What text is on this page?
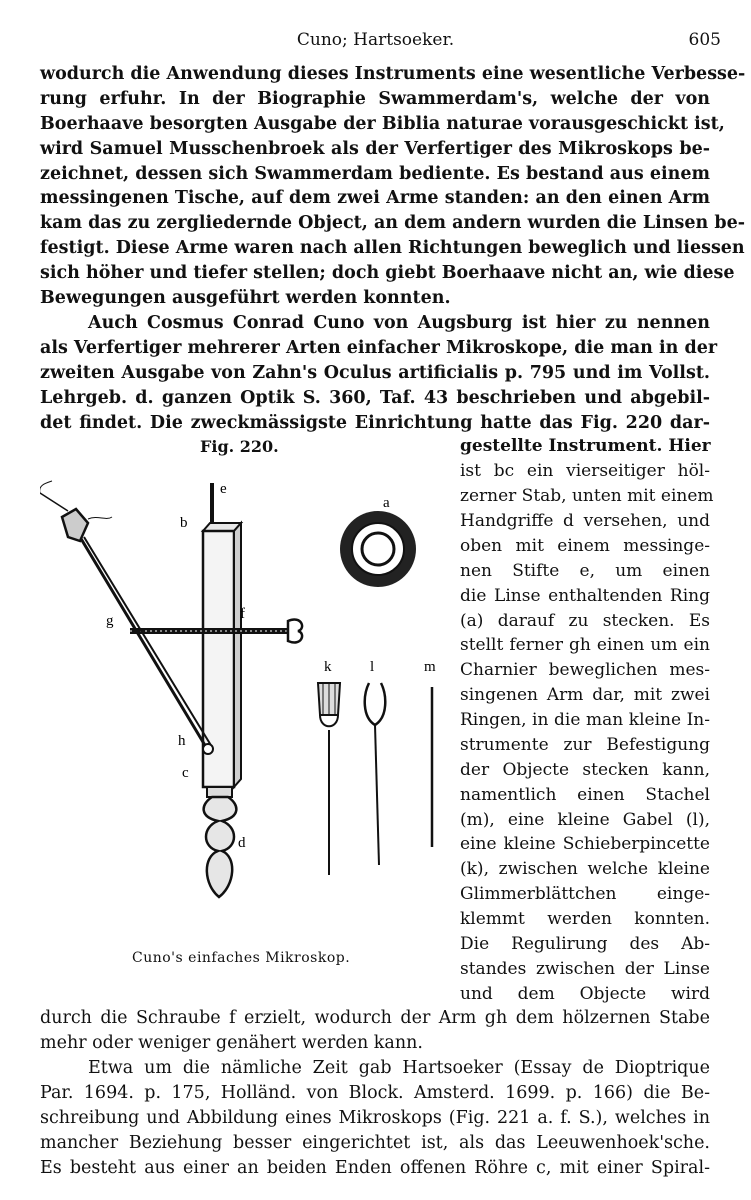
Cuno; Hartsoeker.	605
wodurch die Anwendung dieses Instruments eine wesentliche Verbesse-
rung erfuhr. In der Biographie Swammerdam's, welche der von
Boerhaave besorgten Ausgabe der Biblia naturae vorausgeschickt ist,
wird Samuel Musschenbroek als der Verfertiger des Mikroskops be-
zeichnet, dessen sich Swammerdam bediente. Es bestand aus einem
messingenen Tische, auf dem zwei Arme standen: an den einen Arm
kam das zu zergliedernde Object, an dem andern wurden die Linsen be-
festigt. Diese Arme waren nach allen Richtungen beweglich und liessen
sich höher und tiefer stellen; doch giebt Boerhaave nicht an, wie diese
Bewegungen ausgeführt werden konnten.
Auch Cosmus Conrad Cuno von Augsburg ist hier zu nennen
als Verfertiger mehrerer Arten einfacher Mikroskope, die man in der
zweiten Ausgabe von Zahn's Oculus artificialis p. 795 und im Vollst.
Lehrgeb. d. ganzen Optik S. 360, Taf. 43 beschrieben und abgebil-
det findet. Die zweckmässigste Einrichtung hatte das Fig. 220 dar-
gestellte Instrument. Hier
ist bc ein vierseitiger höl-
zerner Stab, unten mit einem
Handgriffe d versehen, und
oben mit einem messinge-
nen Stifte e, um einen
die Linse enthaltenden Ring
(a) darauf zu stecken. Es
stellt ferner gh einen um ein
Charnier beweglichen mes-
singenen Arm dar, mit zwei
Ringen, in die man kleine In-
strumente zur Befestigung
der Objecte stecken kann,
namentlich einen Stachel
(m), eine kleine Gabel (l),
eine kleine Schieberpincette
(k), zwischen welche kleine
Glimmerblättchen einge-
klemmt werden konnten.
Die Regulirung des Ab-
standes zwischen der Linse
und dem Objecte wird
durch die Schraube f erzielt, wodurch der Arm gh dem hölzernen Stabe
mehr oder weniger genähert werden kann.
Etwa um die nämliche Zeit gab Hartsoeker (Essay de Dioptrique
Par. 1694. p. 175, Holländ. von Block. Amsterd. 1699. p. 166) die Be-
schreibung und Abbildung eines Mikroskops (Fig. 221 a. f. S.), welches in
mancher Beziehung besser eingerichtet ist, als das Leeuwenhoek'sche.
Es besteht aus einer an beiden Enden offenen Röhre c, mit einer Spiral-
Fig. 220.
e
a
b
f
g
h
c
d
k	l	m
Cuno's einfaches Mikroskop.
